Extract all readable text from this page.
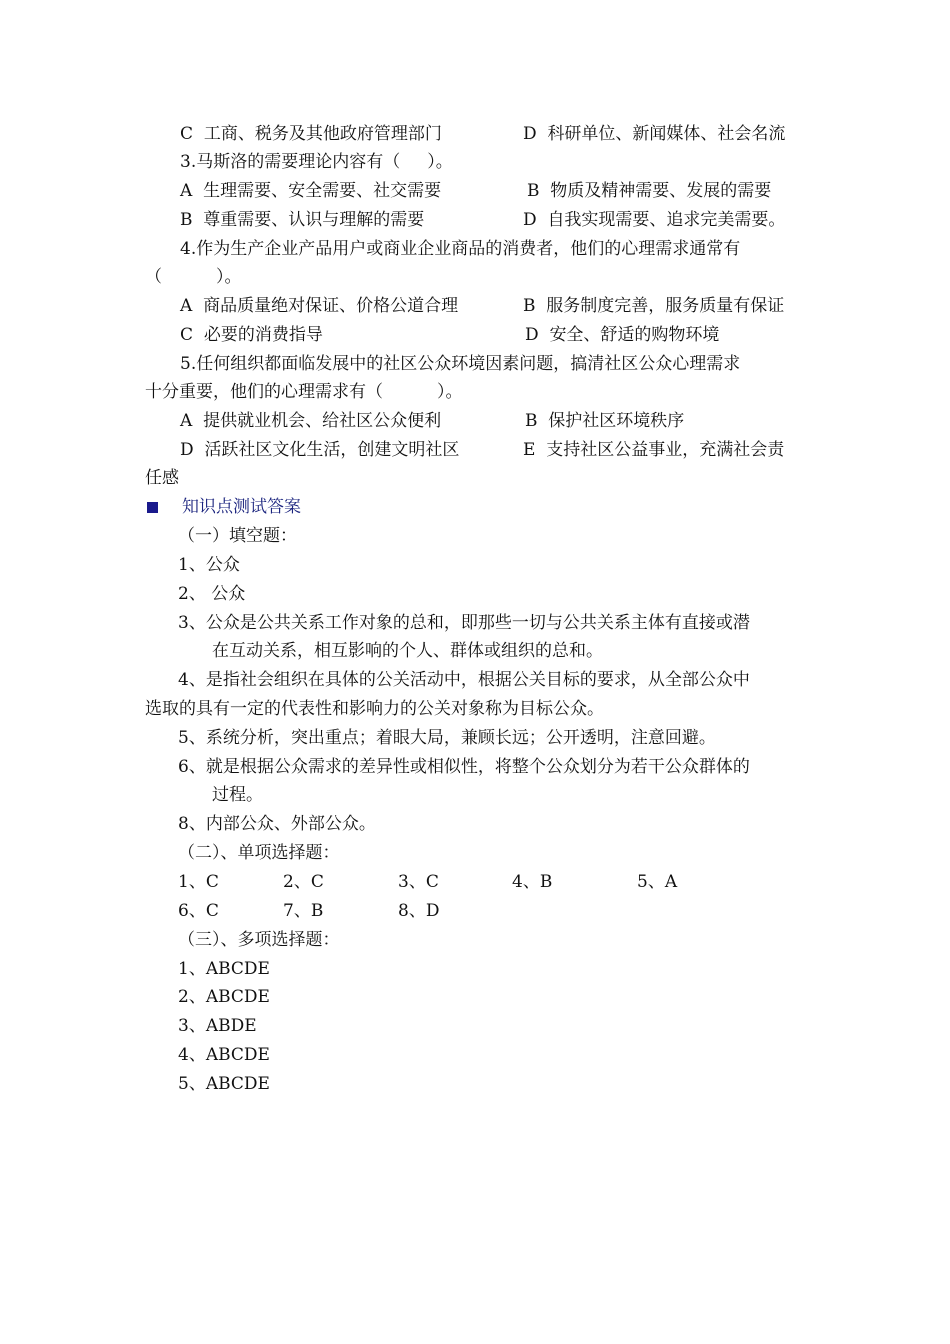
C  工商、税务及其他政府管理部门	D  科研单位、新闻媒体、社会名流
3.马斯洛的需要理论内容有（     ）。
A  生理需要、安全需要、社交需要	B  物质及精神需要、发展的需要
B  尊重需要、认识与理解的需要	D  自我实现需要、追求完美需要。
4.作为生产企业产品用户或商业企业商品的消费者，他们的心理需求通常有
（          ）。
A  商品质量绝对保证、价格公道合理	B  服务制度完善，服务质量有保证
C  必要的消费指导	D  安全、舒适的购物环境
5.任何组织都面临发展中的社区公众环境因素问题，搞清社区公众心理需求
十分重要，他们的心理需求有（          ）。
A  提供就业机会、给社区公众便利	B  保护社区环境秩序
D  活跃社区文化生活，创建文明社区	E  支持社区公益事业，充满社会责
任感
知识点测试答案
（一）填空题：
1、公众
2、 公众
3、公众是公共关系工作对象的总和，即那些一切与公共关系主体有直接或潜
在互动关系，相互影响的个人、群体或组织的总和。
4、是指社会组织在具体的公关活动中，根据公关目标的要求，从全部公众中
选取的具有一定的代表性和影响力的公关对象称为目标公众。
5、系统分析，突出重点；着眼大局，兼顾长远；公开透明，注意回避。
6、就是根据公众需求的差异性或相似性，将整个公众划分为若干公众群体的
过程。
8、内部公众、外部公众。
（二）、单项选择题：
1、C	2、C	3、C	4、B	5、A
6、C	7、B	8、D
（三）、多项选择题：
1、ABCDE
2、ABCDE
3、ABDE
4、ABCDE
5、ABCDE
